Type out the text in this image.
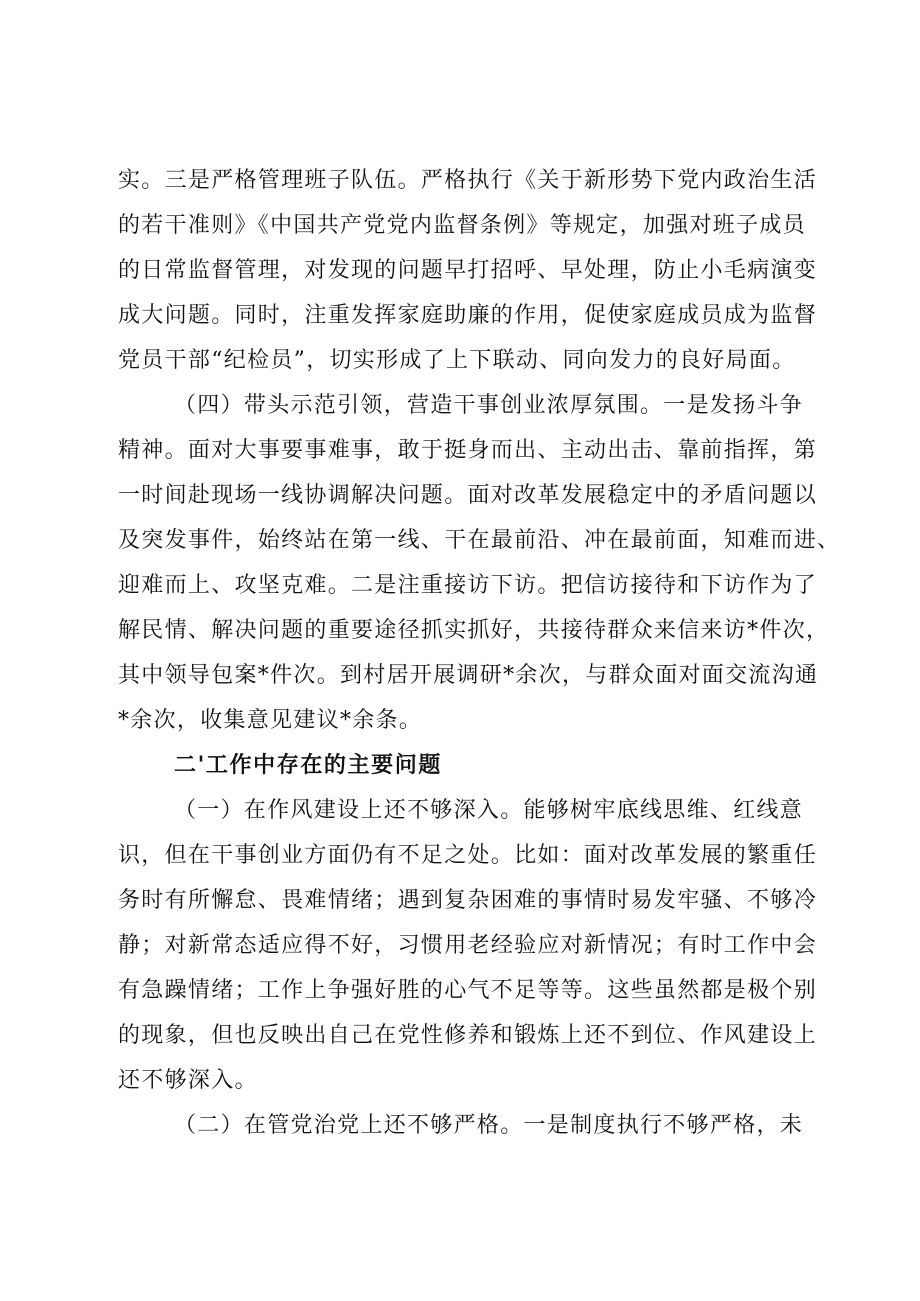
实。三是严格管理班子队伍。严格执行《关于新形势下党内政治生活
的若干准则》《中国共产党党内监督条例》等规定，加强对班子成员
的日常监督管理，对发现的问题早打招呼、早处理，防止小毛病演变
成大问题。同时，注重发挥家庭助廉的作用，促使家庭成员成为监督
党员干部“纪检员”，切实形成了上下联动、同向发力的良好局面。
（四）带头示范引领，营造干事创业浓厚氛围。一是发扬斗争
精神。面对大事要事难事，敢于挺身而出、主动出击、靠前指挥，第
一时间赴现场一线协调解决问题。面对改革发展稳定中的矛盾问题以
及突发事件，始终站在第一线、干在最前沿、冲在最前面，知难而进、
迎难而上、攻坚克难。二是注重接访下访。把信访接待和下访作为了
解民情、解决问题的重要途径抓实抓好，共接待群众来信来访*件次，
其中领导包案*件次。到村居开展调研*余次，与群众面对面交流沟通
*余次，收集意见建议*余条。
二'工作中存在的主要问题
（一）在作风建设上还不够深入。能够树牢底线思维、红线意
识，但在干事创业方面仍有不足之处。比如：面对改革发展的繁重任
务时有所懈怠、畏难情绪；遇到复杂困难的事情时易发牢骚、不够冷
静；对新常态适应得不好，习惯用老经验应对新情况；有时工作中会
有急躁情绪；工作上争强好胜的心气不足等等。这些虽然都是极个别
的现象，但也反映出自己在党性修养和锻炼上还不到位、作风建设上
还不够深入。
（二）在管党治党上还不够严格。一是制度执行不够严格，未
